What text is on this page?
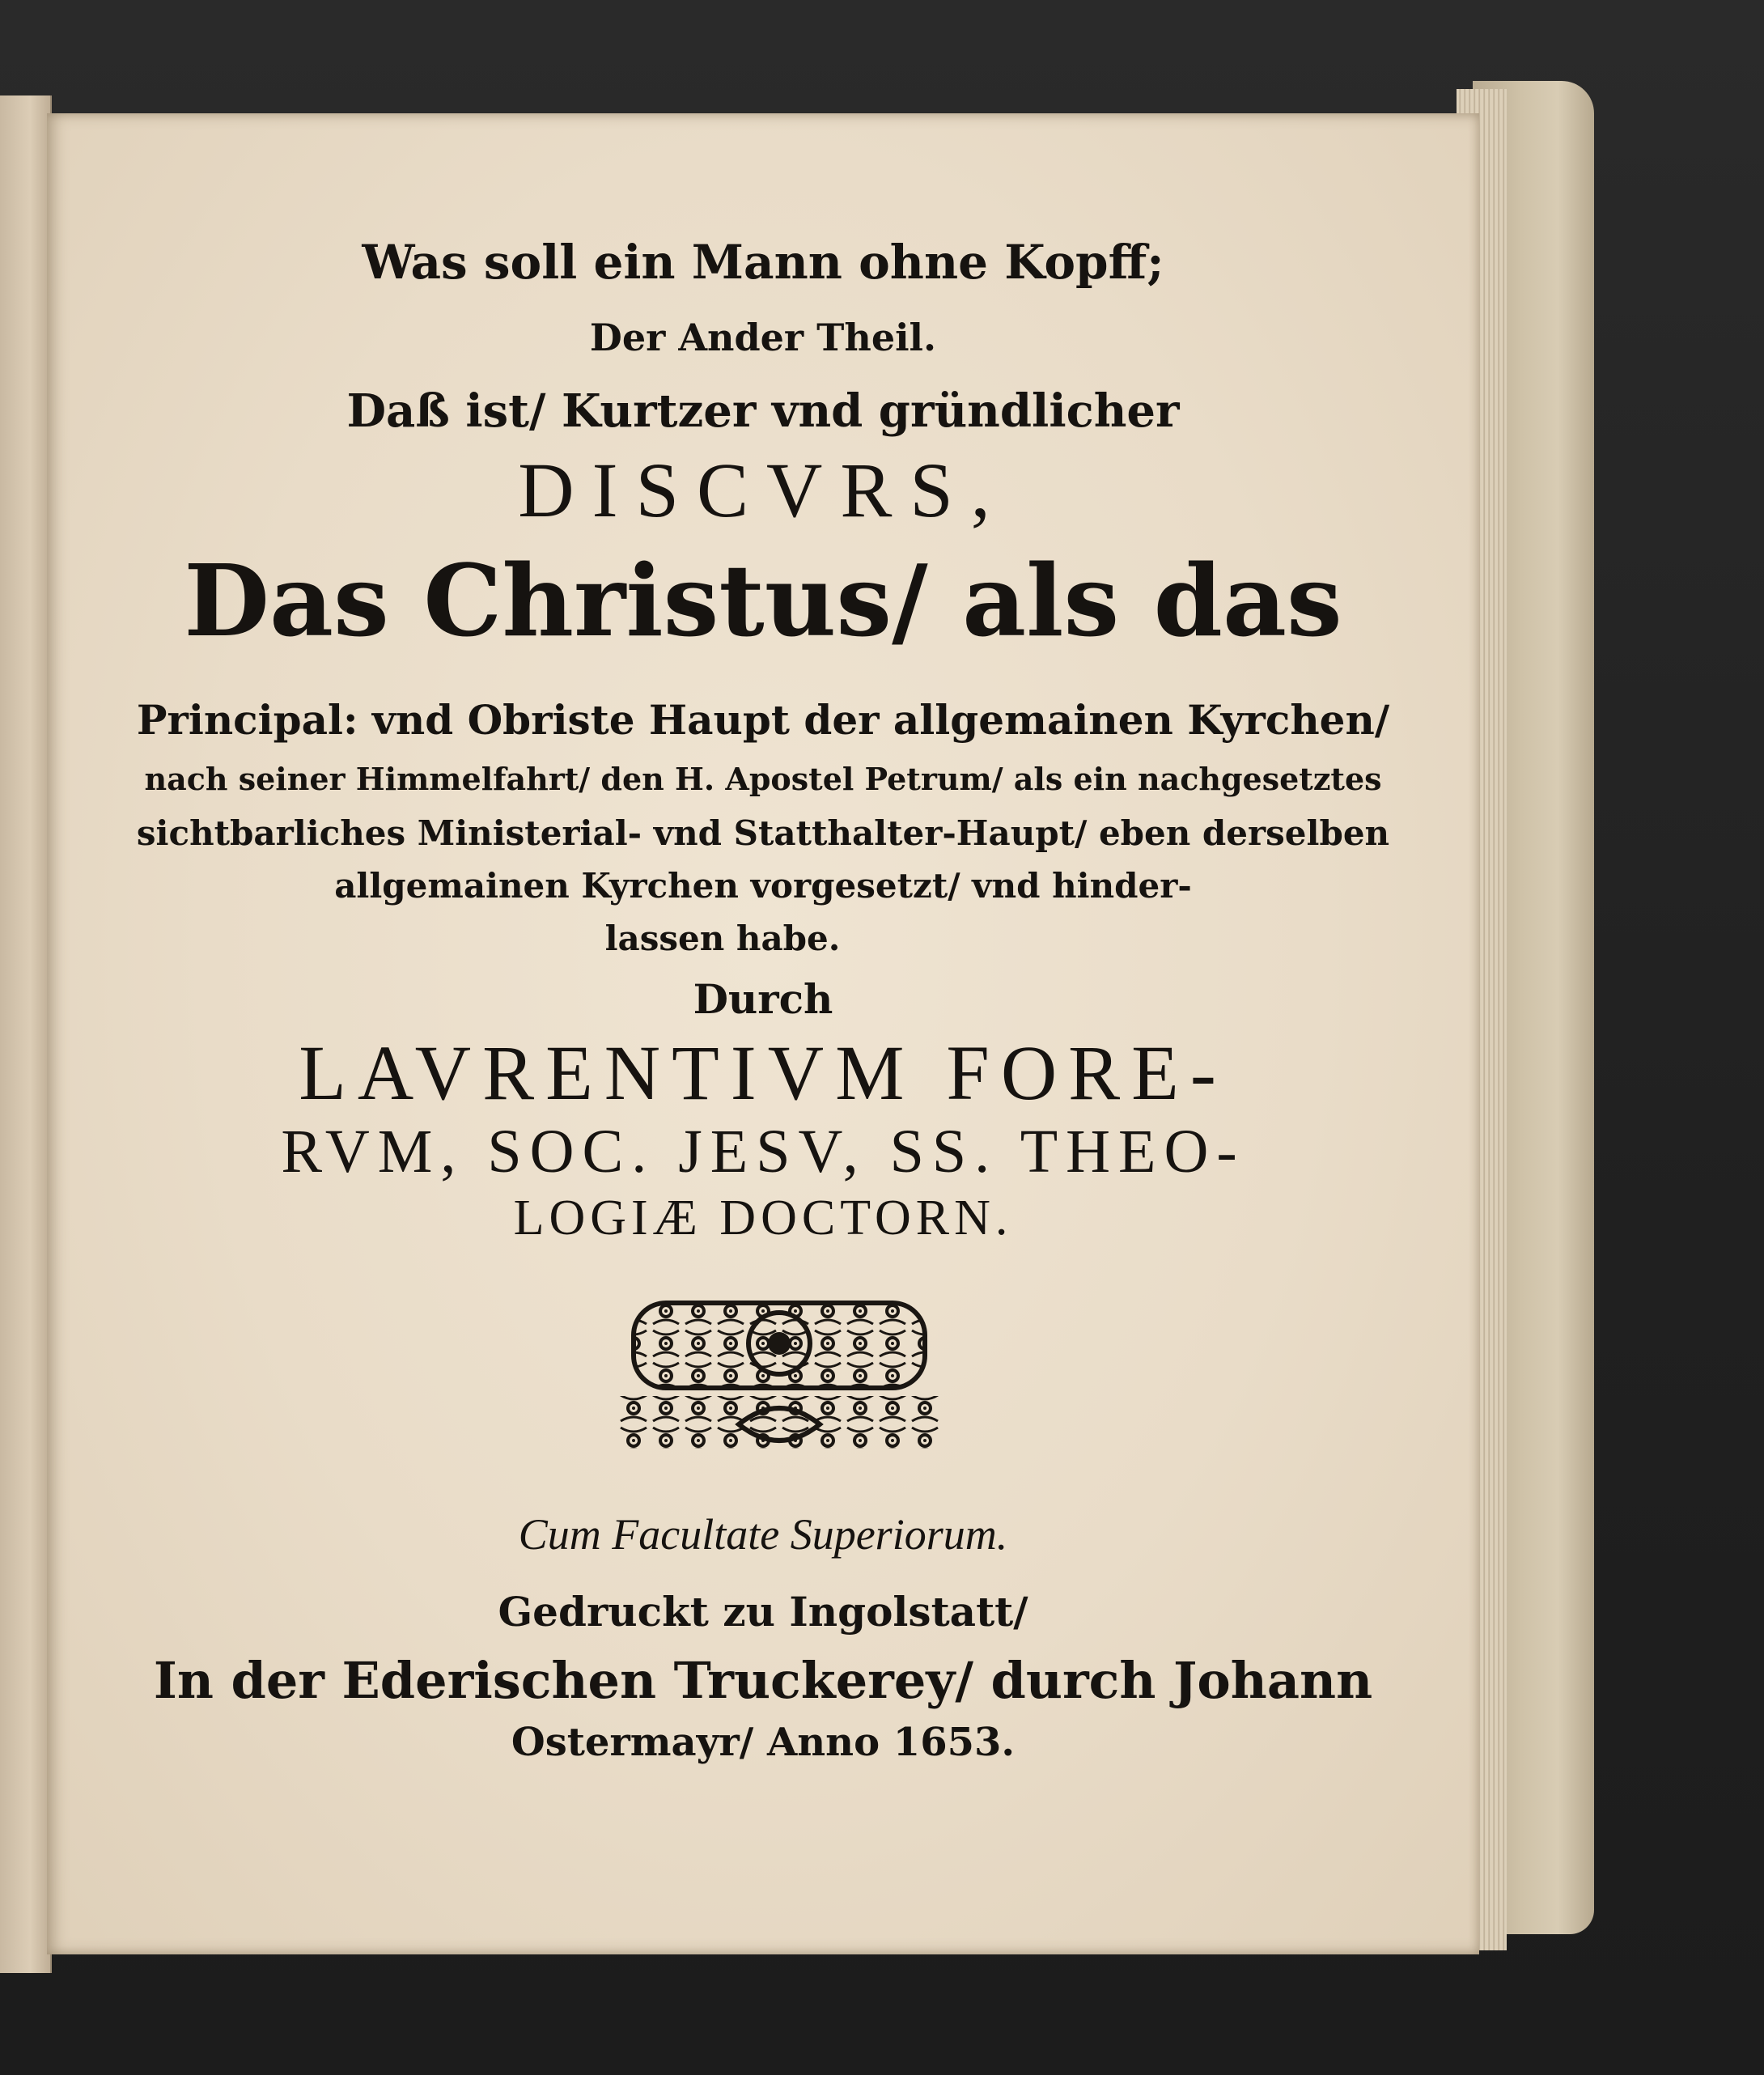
Was soll ein Mann ohne Kopff;
Der Ander Theil.
Daß ist/ Kurtzer vnd gründlicher
DISCVRS,
Das Christus/ als das
Principal: vnd Obriste Haupt der allgemainen Kyrchen/
nach seiner Himmelfahrt/ den H. Apostel Petrum/ als ein nachgesetztes
sichtbarliches Ministerial- vnd Statthalter-Haupt/ eben derselben
allgemainen Kyrchen vorgesetzt/ vnd hinder-
lassen habe.
Durch
LAVRENTIVM FORE-
RVM, SOC. JESV, SS. THEO-
LOGIÆ DOCTORN.
Cum Facultate Superiorum.
Gedruckt zu Ingolstatt/
In der Ederischen Truckerey/ durch Johann
Ostermayr/ Anno 1653.
